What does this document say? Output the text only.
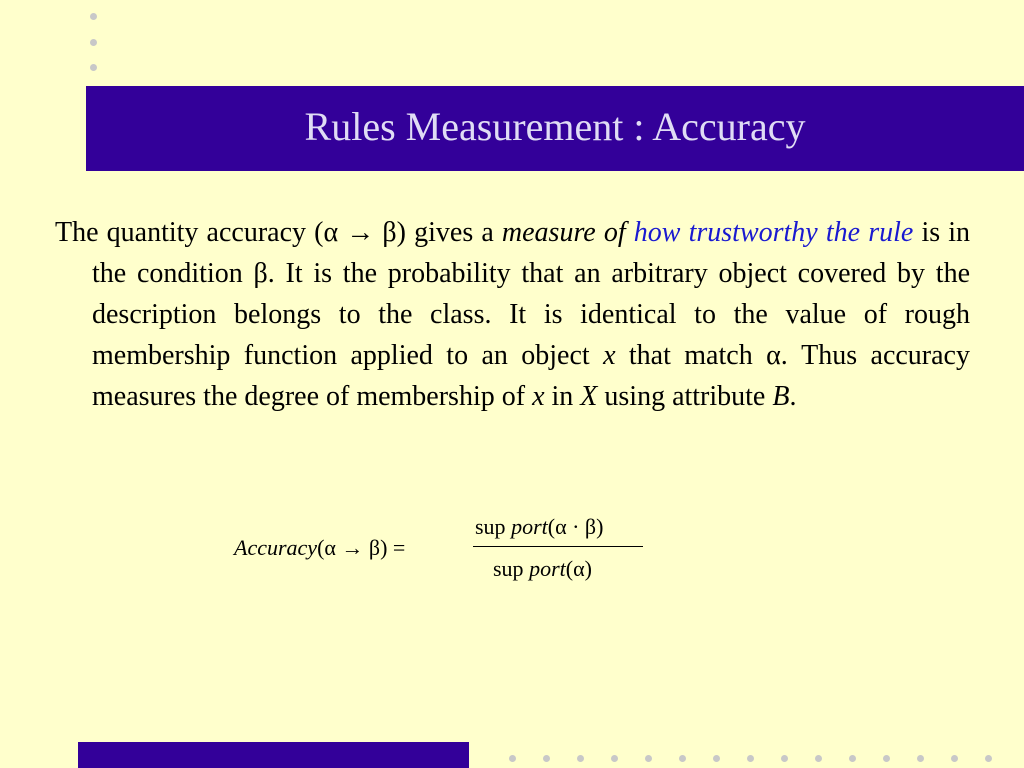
Rules Measurement : Accuracy
The quantity accuracy (α → β) gives a measure of how trustworthy the rule is in the condition β. It is the probability that an arbitrary object covered by the description belongs to the class. It is identical to the value of rough membership function applied to an object x that match α. Thus accuracy measures the degree of membership of x in X using attribute B.
Accuracy(α → β) =
sup port(α · β)
sup port(α)
